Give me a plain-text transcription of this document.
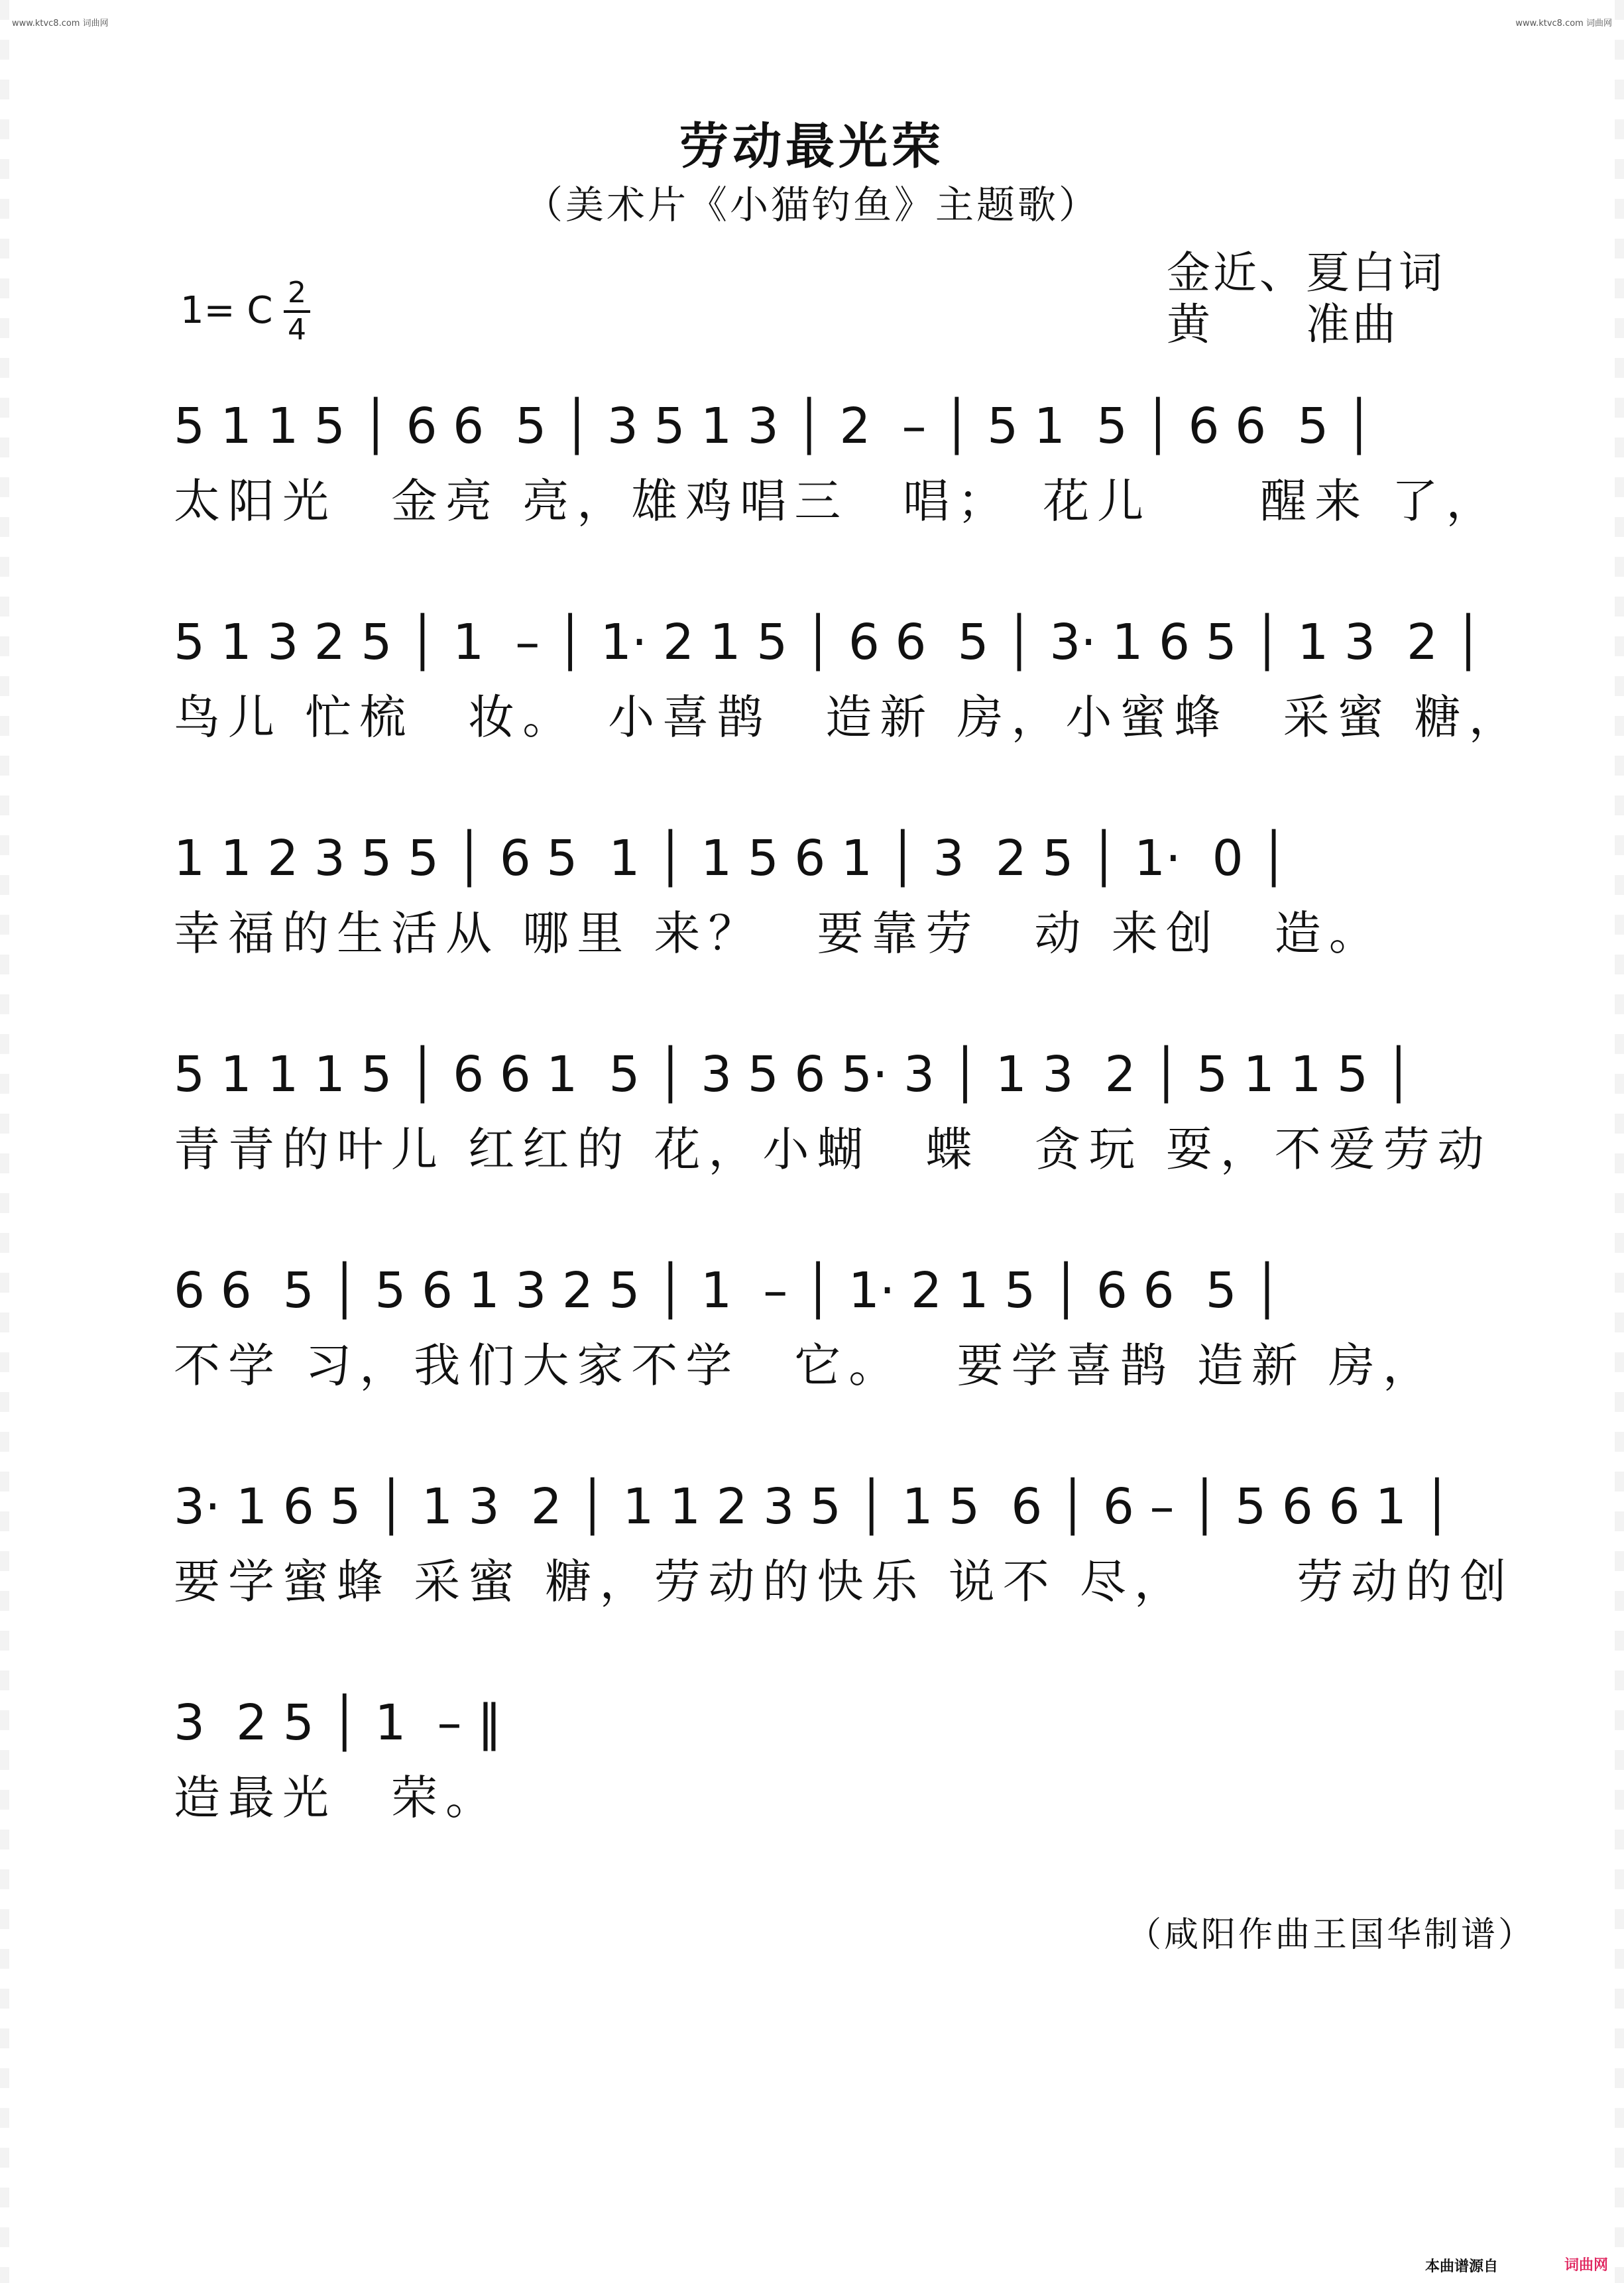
www.ktvc8.com 词曲网	www.ktvc8.com 词曲网
劳动最光荣
（美术片《小猫钓鱼》主题歌）
金近、夏白词
黄　　准曲
1= C 2
4
5 1 1 5 │ 6 6  5 │ 3 5 1 3 │ 2  – │ 5 1  5 │ 6 6  5 │
太阳光　金亮 亮，雄鸡唱三　唱；　花儿　　醒来 了，
5 1 3 2 5 │ 1  – │ 1· 2 1 5 │ 6 6  5 │ 3· 1 6 5 │ 1 3  2 │
鸟儿 忙梳　妆。　小喜鹊　造新 房，小蜜蜂　采蜜 糖，
1 1 2 3 5 5 │ 6 5  1 │ 1 5 6 1 │ 3  2 5 │ 1·  0 │
幸福的生活从 哪里 来？　要靠劳　动 来创　造。
5 1 1 1 5 │ 6 6 1  5 │ 3 5 6 5· 3 │ 1 3  2 │ 5 1 1 5 │
青青的叶儿 红红的 花，小蝴　蝶　贪玩 耍，不爱劳动
6 6  5 │ 5 6 1 3 2 5 │ 1  – │ 1· 2 1 5 │ 6 6  5 │
不学 习，我们大家不学　它。　 要学喜鹊 造新 房，
3· 1 6 5 │ 1 3  2 │ 1 1 2 3 5 │ 1 5  6 │ 6 – │ 5 6 6 1 │
要学蜜蜂 采蜜 糖，劳动的快乐 说不 尽，　　 劳动的创
3  2 5 │ 1  – ‖
造最光　荣。
（咸阳作曲王国华制谱）
本曲谱源自	词曲网
